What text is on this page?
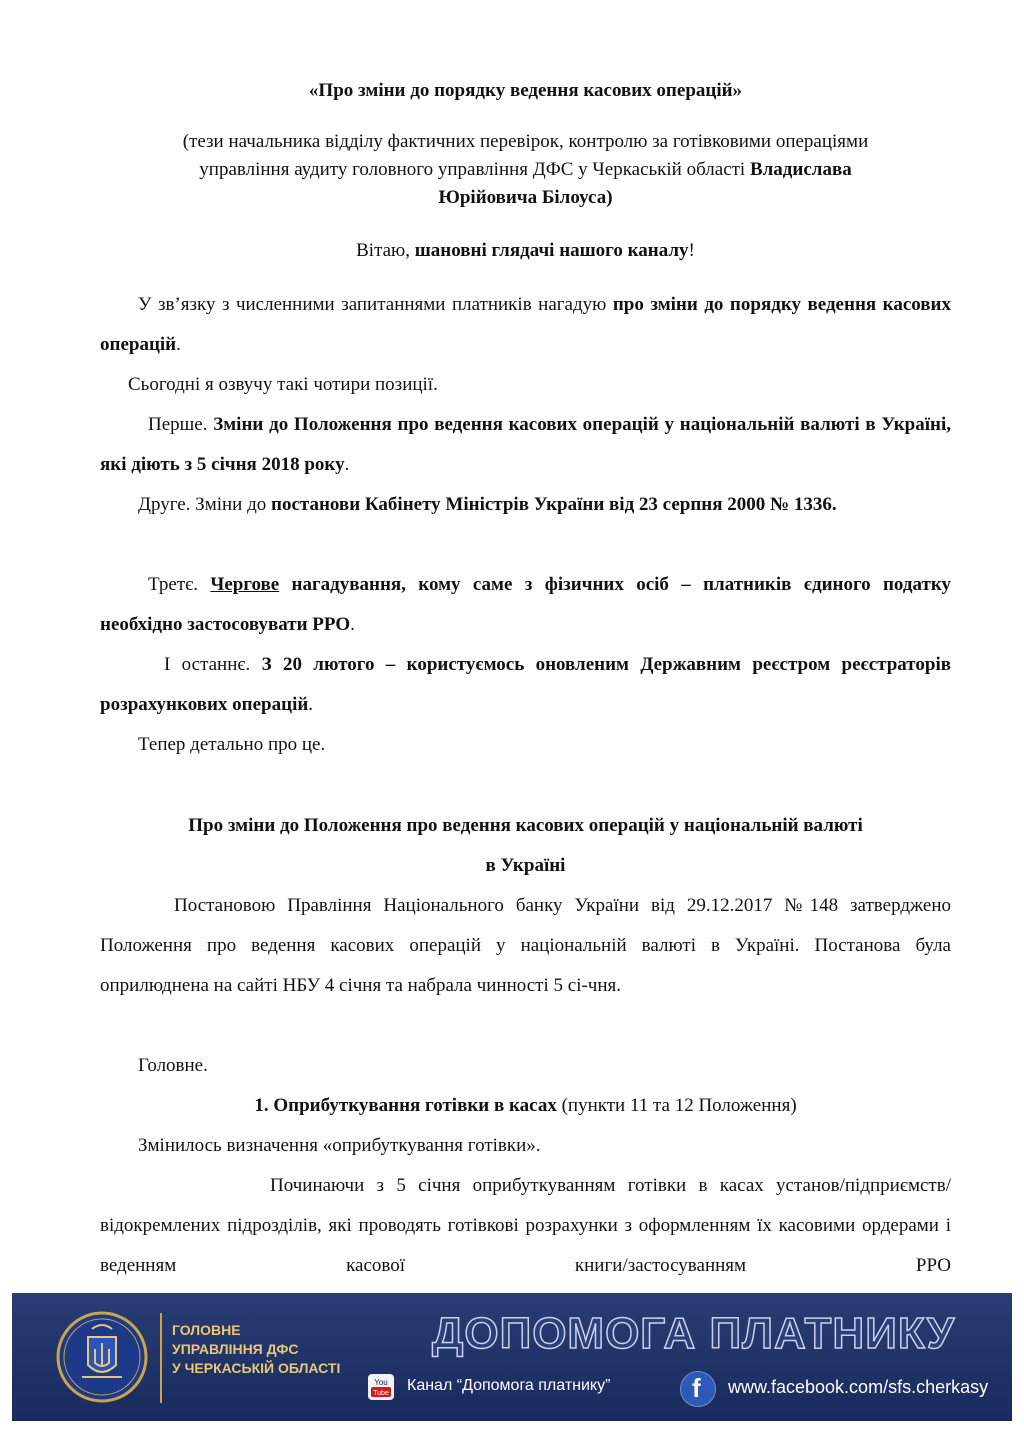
«Про зміни до порядку ведення касових операцій»
(тези начальника відділу фактичних перевірок, контролю за готівковими операціями
управління аудиту головного управління ДФС у Черкаській області Владислава
Юрійовича Білоуса)
Вітаю, шановні глядачі нашого каналу!
У зв’язку з численними запитаннями платників нагадую про зміни до порядку ведення касових операцій.
Сьогодні я озвучу такі чотири позиції.
Перше. Зміни до Положення про ведення касових операцій у національній валюті в Україні, які діють з 5 січня 2018 року.
Друге. Зміни до постанови Кабінету Міністрів України від 23 серпня 2000 № 1336.
Третє. Чергове нагадування, кому саме з фізичних осіб – платників єдиного податку необхідно застосовувати РРО.
І останнє. З 20 лютого – користуємось оновленим Державним реєстром реєстраторів розрахункових операцій.
Тепер детально про це.
Про зміни до Положення про ведення касових операцій у національній валюті
в Україні
Постановою Правління Національного банку України від 29.12.2017 №148 затверджено Положення про ведення касових операцій у національній валюті в Україні. Постанова була оприлюднена на сайті НБУ 4 січня та набрала чинності 5 сі-чня.
Головне.
1. Оприбуткування готівки в касах (пункти 11 та 12 Положення)
Змінилось визначення «оприбуткування готівки».
Починаючи з 5 січня оприбуткуванням готівки в касах установ/підприємств/відокремлених підрозділів, які проводять готівкові розрахунки з оформленням їх касовими ордерами і веденням касової книги/застосуванням РРО
ГОЛОВНЕ
УПРАВЛІННЯ ДФС
У ЧЕРКАСЬКІЙ ОБЛАСТІ
ДОПОМОГА ПЛАТНИКУ
You
Tube Канал “Допомога платнику”	f www.facebook.com/sfs.cherkasy
